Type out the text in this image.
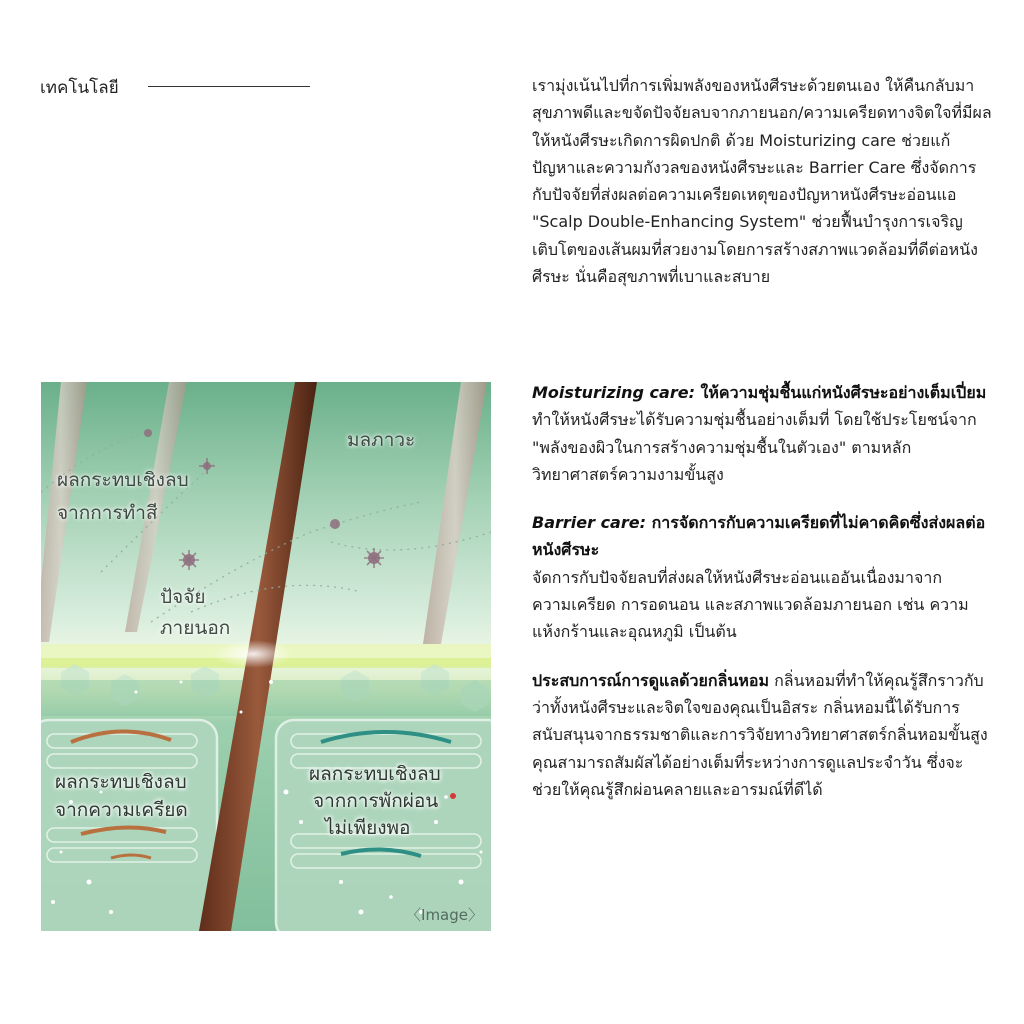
เทคโนโลยี	เรามุ่งเน้นไปที่การเพิ่มพลังของหนังศีรษะด้วยตนเอง ให้คืนกลับมาสุขภาพดีและขจัดปัจจัยลบจากภายนอก/ความเครียดทางจิตใจที่มีผลให้หนังศีรษะเกิดการผิดปกติ ด้วย Moisturizing care ช่วยแก้ปัญหาและความกังวลของหนังศีรษะและ Barrier Care ซึ่งจัดการกับปัจจัยที่ส่งผลต่อความเครียดเหตุของปัญหาหนังศีรษะอ่อนแอ "Scalp Double-Enhancing System" ช่วยฟื้นบำรุงการเจริญเติบโตของเส้นผมที่สวยงามโดยการสร้างสภาพแวดล้อมที่ดีต่อหนังศีรษะ นั่นคือสุขภาพที่เบาและสบาย

มลภาวะ
ผลกระทบเชิงลบ
จากการทำสี
ปัจจัย
ภายนอก
ผลกระทบเชิงลบ
จากความเครียด
ผลกระทบเชิงลบ
จากการพักผ่อน
ไม่เพียงพอ
〈Image〉

Moisturizing care: ให้ความชุ่มชื้นแก่หนังศีรษะอย่างเต็มเปี่ยม ทำให้หนังศีรษะได้รับความชุ่มชื้นอย่างเต็มที่ โดยใช้ประโยชน์จาก "พลังของผิวในการสร้างความชุ่มชื้นในตัวเอง" ตามหลักวิทยาศาสตร์ความงามขั้นสูง

Barrier care: การจัดการกับความเครียดที่ไม่คาดคิดซึ่งส่งผลต่อหนังศีรษะ
จัดการกับปัจจัยลบที่ส่งผลให้หนังศีรษะอ่อนแออันเนื่องมาจากความเครียด การอดนอน และสภาพแวดล้อมภายนอก เช่น ความแห้งกร้านและอุณหภูมิ เป็นต้น

ประสบการณ์การดูแลด้วยกลิ่นหอม กลิ่นหอมที่ทำให้คุณรู้สึกราวกับว่าทั้งหนังศีรษะและจิตใจของคุณเป็นอิสระ กลิ่นหอมนี้ได้รับการสนับสนุนจากธรรมชาติและการวิจัยทางวิทยาศาสตร์กลิ่นหอมขั้นสูง คุณสามารถสัมผัสได้อย่างเต็มที่ระหว่างการดูแลประจำวัน ซึ่งจะช่วยให้คุณรู้สึกผ่อนคลายและอารมณ์ที่ดีได้
